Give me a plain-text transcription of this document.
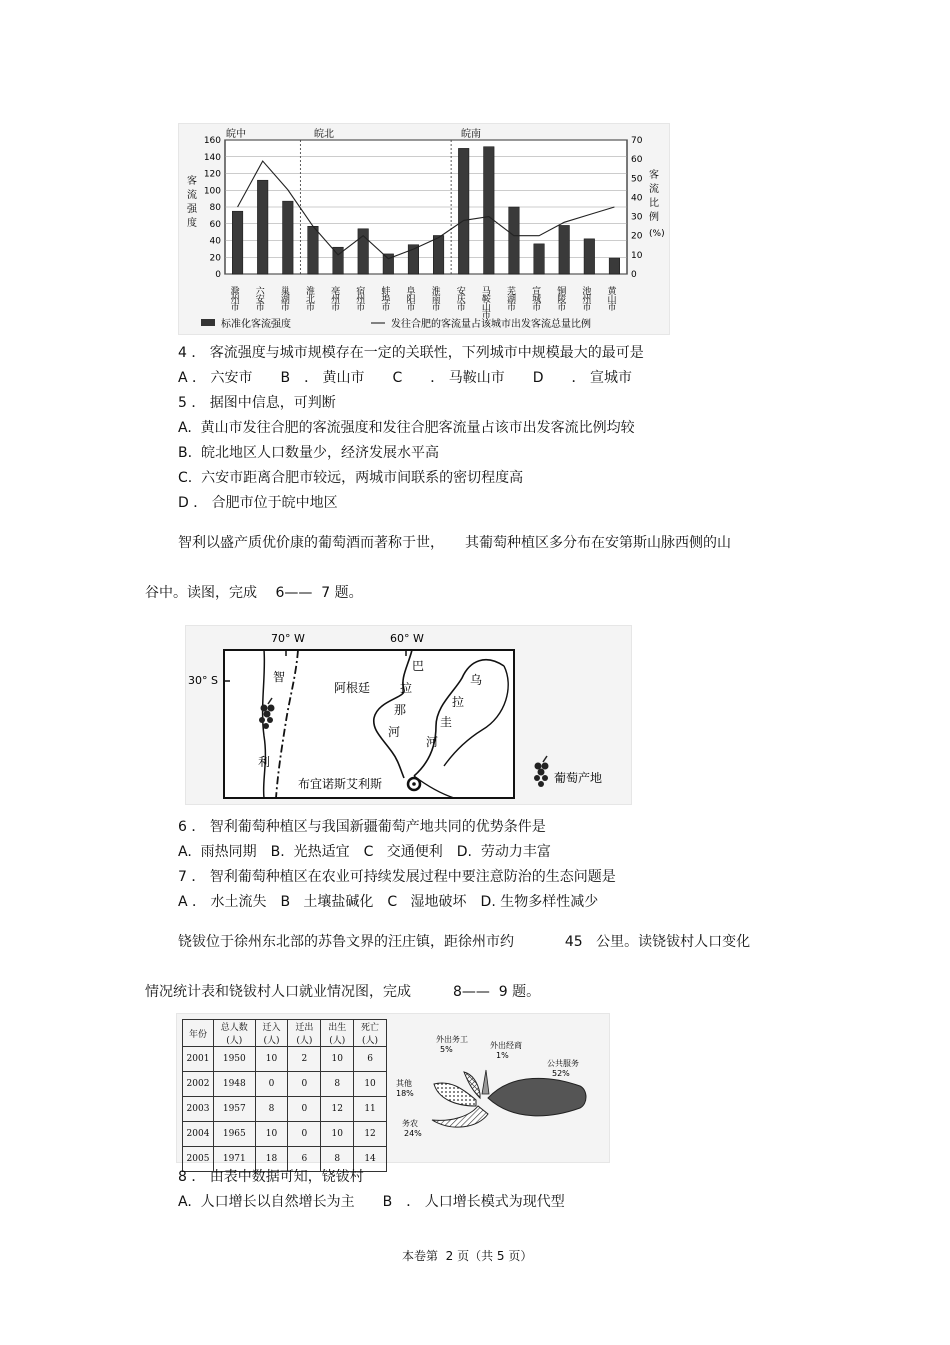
皖中	皖北	皖南
客
流
强
度
客
流
比
例
(%)
0
20
40
60
80
100
120
140
160
0
10
20
30
40
50
60
70
滁州市 六安市 巢湖市 淮北市 亳州市 宿州市 蚌埠市 阜阳市 淮南市 安庆市 马鞍山市 芜湖市 宣城市 铜陵市 池州市 黄山市
标准化客流强度	发往合肥的客流量占该城市出发客流总量比例
4 ． 客流强度与城市规模存在一定的关联性，下列城市中规模最大的最可是
A ． 六安市　　B　． 黄山市　　C　　． 马鞍山市　　D　　． 宣城市
5 ． 据图中信息，可判断
A.  黄山市发往合肥的客流强度和发往合肥客流量占该市出发客流比例均较
B.  皖北地区人口数量少，经济发展水平高
C.  六安市距离合肥市较远，两城市间联系的密切程度高
D ． 合肥市位于皖中地区
智利以盛产质优价康的葡萄酒而著称于世，　　其葡萄种植区多分布在安第斯山脉西侧的山
谷中。读图，完成　 6——  7 题。
70° W	60° W
30° S	智
利
阿根廷
巴
拉
那
河
乌
拉
圭
河
布宜诺斯艾利斯	葡萄产地
6 ． 智利葡萄种植区与我国新疆葡萄产地共同的优势条件是
A.  雨热同期　B.  光热适宜　C   交通便利　D.  劳动力丰富
7 ． 智利葡萄种植区在农业可持续发展过程中要注意防治的生态问题是
A ． 水土流失　B   土壤盐碱化　C   湿地破坏　D. 生物多样性减少
铙钹位于徐州东北部的苏鲁文界的汪庄镇，距徐州市约　　　  45   公里。读铙钹村人口变化
情况统计表和铙钹村人口就业情况图，完成　　　8——  9 题。
年份	总人数(人)	迁入(人)	迁出(人)	出生(人)	死亡(人)
2001	1950	10	2	10	6
2002	1948	0	0	8	10
2003	1957	8	0	12	11
2004	1965	10	0	10	12
2005	1971	18	6	8	14
公共服务
52%
外出务工
5%	外出经商
1%
其他
18%
务农
24%
8 ． 由表中数据可知，铙钹村
A.  人口增长以自然增长为主　　B　． 人口增长模式为现代型
本卷第  2 页（共 5 页）
